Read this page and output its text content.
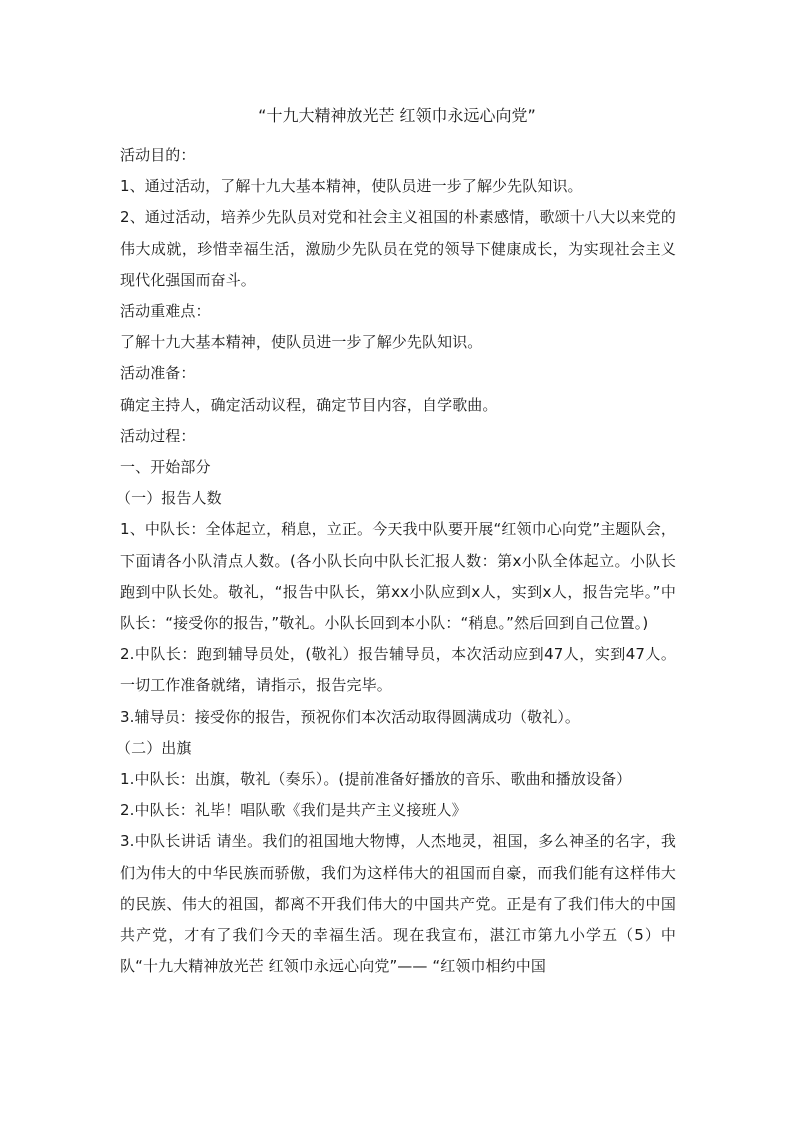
“十九大精神放光芒 红领巾永远心向党”

活动目的：

1、通过活动，了解十九大基本精神，使队员进一步了解少先队知识。

2、通过活动，培养少先队员对党和社会主义祖国的朴素感情，歌颂十八大以来党的伟大成就，珍惜幸福生活，激励少先队员在党的领导下健康成长，为实现社会主义现代化强国而奋斗。

活动重难点：

了解十九大基本精神，使队员进一步了解少先队知识。

活动准备：

确定主持人，确定活动议程，确定节目内容，自学歌曲。

活动过程：

一、开始部分

（一）报告人数

1、中队长：全体起立，稍息，立正。今天我中队要开展“红领巾心向党”主题队会，下面请各小队清点人数。(各小队长向中队长汇报人数：第x小队全体起立。小队长跑到中队长处。敬礼，“报告中队长，第xx小队应到x人，实到x人，报告完毕。”中队长：“接受你的报告，”敬礼。小队长回到本小队：“稍息。”然后回到自己位置。)

2.中队长：跑到辅导员处，(敬礼）报告辅导员，本次活动应到47人，实到47人。一切工作准备就绪，请指示，报告完毕。

3.辅导员：接受你的报告，预祝你们本次活动取得圆满成功（敬礼）。

（二）出旗

1.中队长：出旗，敬礼（奏乐）。(提前准备好播放的音乐、歌曲和播放设备）

2.中队长：礼毕！唱队歌《我们是共产主义接班人》

3.中队长讲话 请坐。我们的祖国地大物博，人杰地灵，祖国，多么神圣的名字，我们为伟大的中华民族而骄傲，我们为这样伟大的祖国而自豪，而我们能有这样伟大的民族、伟大的祖国，都离不开我们伟大的中国共产党。正是有了我们伟大的中国共产党，才有了我们今天的幸福生活。现在我宣布，湛江市第九小学五（5）中队“十九大精神放光芒 红领巾永远心向党”—— “红领巾相约中国
